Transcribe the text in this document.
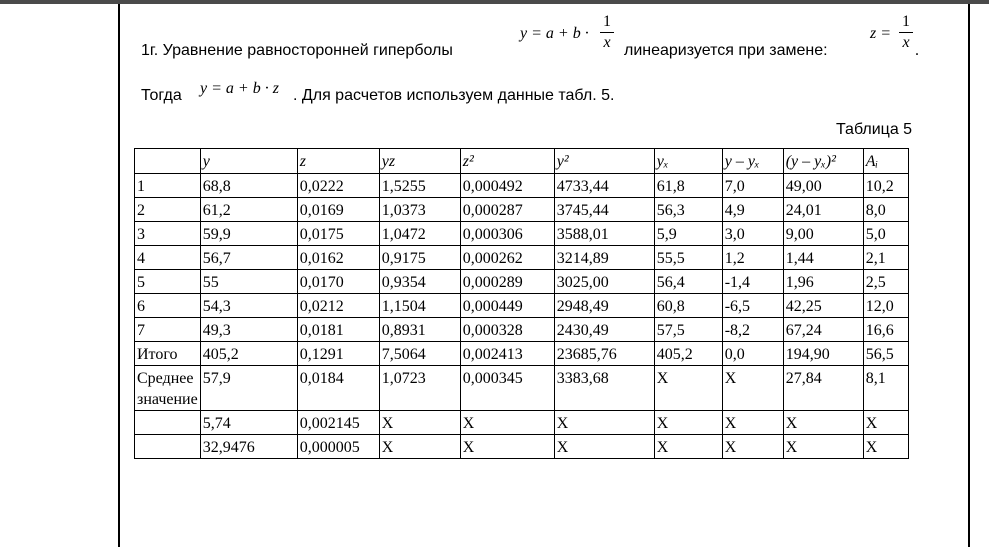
1г. Уравнение равносторонней гиперболы
y = a + b ·
1
x линеаризуется при замене:
z =
1
x .
Тогда y = a + b · z . Для расчетов используем данные табл. 5.
Таблица 5
	y	z	yz	z²	y²	yₓ	y – yₓ	(y – yₓ)²	Aᵢ
1	68,8	0,0222	1,5255	0,000492	4733,44	61,8	7,0	49,00	10,2
2	61,2	0,0169	1,0373	0,000287	3745,44	56,3	4,9	24,01	8,0
3	59,9	0,0175	1,0472	0,000306	3588,01	5,9	3,0	9,00	5,0
4	56,7	0,0162	0,9175	0,000262	3214,89	55,5	1,2	1,44	2,1
5	55	0,0170	0,9354	0,000289	3025,00	56,4	-1,4	1,96	2,5
6	54,3	0,0212	1,1504	0,000449	2948,49	60,8	-6,5	42,25	12,0
7	49,3	0,0181	0,8931	0,000328	2430,49	57,5	-8,2	67,24	16,6
Итого	405,2	0,1291	7,5064	0,002413	23685,76	405,2	0,0	194,90	56,5
Среднее значение	57,9	0,0184	1,0723	0,000345	3383,68	X	X	27,84	8,1
	5,74	0,002145	X	X	X	X	X	X	X
	32,9476	0,000005	X	X	X	X	X	X	X
